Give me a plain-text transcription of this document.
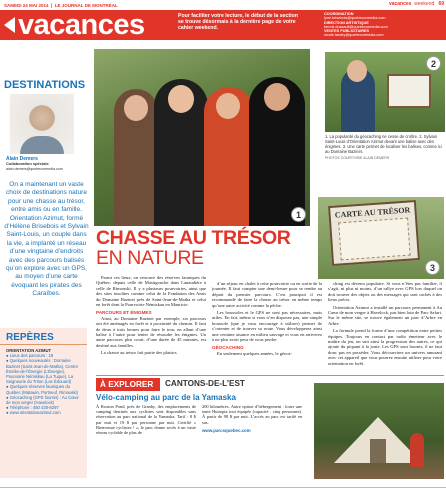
SAMEDI 24 MAI 2014  |  LE JOURNAL DE MONTRÉAL
vacances	Pour faciliter votre lecture, le début de la section se trouve désormais à la dernière page de votre cahier weekend.
vacances weekend 69
COORDINATION
lyne.brisebois@quebecormedia.com
DIRECTION ARTISTIQUE
benoit.dussault@quebecormedia.com
VENTES PUBLICITAIRES
nicole.landry@quebecormedia.com
DESTINATIONS
Alain Demers
Collaboration spéciale
alain.demers@quebecormedia.com
On a maintenant un vaste choix de destinations nature pour une chasse au trésor, entre amis ou en famille. Orientation Azimut, formé d’Hélène Brisebois et Sylvain Saint-Louis, un couple dans la vie, a implanté un réseau d’une vingtaine d’endroits avec des parcours balisés qu’on explore avec un GPS, au moyen d’une carte évoquant les pirates des Caraïbes.
REPÈRES
ORIENTATION AZIMUT
● Lieux des parcours : 19
● Quelques nouveautés : Domaine Bazinet (Saint-Jean-de-Matha), Centre Émélie-de-l’Énergie (L’Énergie), Pourvoirie Némiskau (La Tuque), La Seigneurie du Triton (Lac Édouard)
● Quelques réserves fauniques du Québec (Matawin, Portneuf, Rimouski)
● Géocaching (GPS fournis) : Au Cœur de mon verger (Havelock)
● Téléphone : 450 430-8297
● www.orientationazimut.com
1
2
1. La popularité du géocaching ne cesse de croître. 2. Sylvain Saint-Louis d’Orientation Azimut devant une balise avec des énigmes. 3. Une carte permet de localiser les balises, comme ici au Domaine Bazinet.
PHOTOS COURTOISIE ALAIN DEMERS
CARTE AU TRÉSOR
3
CHASSE AU TRÉSOR
EN NATURE
Parmi ces lieux, on retrouve des réserves fauniques du Québec, depuis celle de Mastigouche dans Lanaudière à celle de Rimouski. Il y a plusieurs pourvoiries, ainsi que des sites insolites comme celui de la Fondation des Amis du Domaine Bazinet près de Saint-Jean-de-Matha et celui en forêt dont la Pourvoirie Némiskau en Mauricie.
PARCOURS ET ÉNIGMES
Ainsi, au Domaine Bazinet par exemple, six parcours ont été aménagés en forêt et à proximité du chemin. Il faut de deux à trois heures pour faire le tour, en allant d’une balise à l’autre pour tenter de résoudre les énigmes. Un autre parcours plus court, d’une durée de 45 minutes, est destiné aux familles.
La chasse au trésor fait partie des plaisirs
d’un séjour en chalet à cette pourvoirie ou en sortie de la journée. Il faut compter une demi-heure pour se rendre au départ du premier parcours. C’est pourquoi il est recommandé de faire la chasse au trésor en même temps qu’une autre activité comme la pêche.
Les boussoles et le GPS ne sont pas nécessaires, mais utiles. En fait, même si vous n’en disposez pas, une simple boussole (que je vous encourage à utiliser) permet de s’orienter et de trouver sa route. Vous développerez ainsi une certaine aisance en milieu sauvage et vous en arriverez à ne plus avoir peur de vous perdre.
GÉOCACHING
En seulement quelques années, le géoca-
ching est devenu populaire. Si vous n’êtes pas familier, il s’agit, ni plus ni moins, d’un rallye avec GPS lors duquel on doit trouver des objets ou des messages qui sont cachés à des lieux précis.
Orientation Azimut a installé un parcours permanent à Au Cœur de mon verger à Havelock, pas bien loin de Parc Safari. Sur le même site, se trouve également un parc d’Arbre en Arbre.
La formule prend la forme d’une compétition entre petites équipes. Toujours en contact par radio émetteur avec le maître du jeu, on suit ainsi la progression des autres, ce qui ajoute du piquant à la joute. Les GPS sont fournis, il ne faut donc pas en posséder. Vous découvrirez un univers amusant avec cet appareil que vous pourrez ensuite utiliser pour votre orientation en forêt.
À EXPLORER	CANTONS-DE-L’EST
Vélo-camping au parc de la Yamaska
À Roxton Pond, près de Granby, des emplacements de camping destinés aux cyclistes sont disponibles sans réservation au parc national de la Yamaska. Tarif : 8 $ par nuit et 19 $ par personne par nuit. Certifié « Bienvenue cyclistes ! », le parc donne accès à un vaste réseau cyclable de plus de
200 kilomètres. Autre option d’hébergement : louer une tente Huttopia tout équipée (capacité : cinq personnes). À partir de 98 $ par nuit. L’accès au parc est tarifé en sus.
www.parcsquebec.com
